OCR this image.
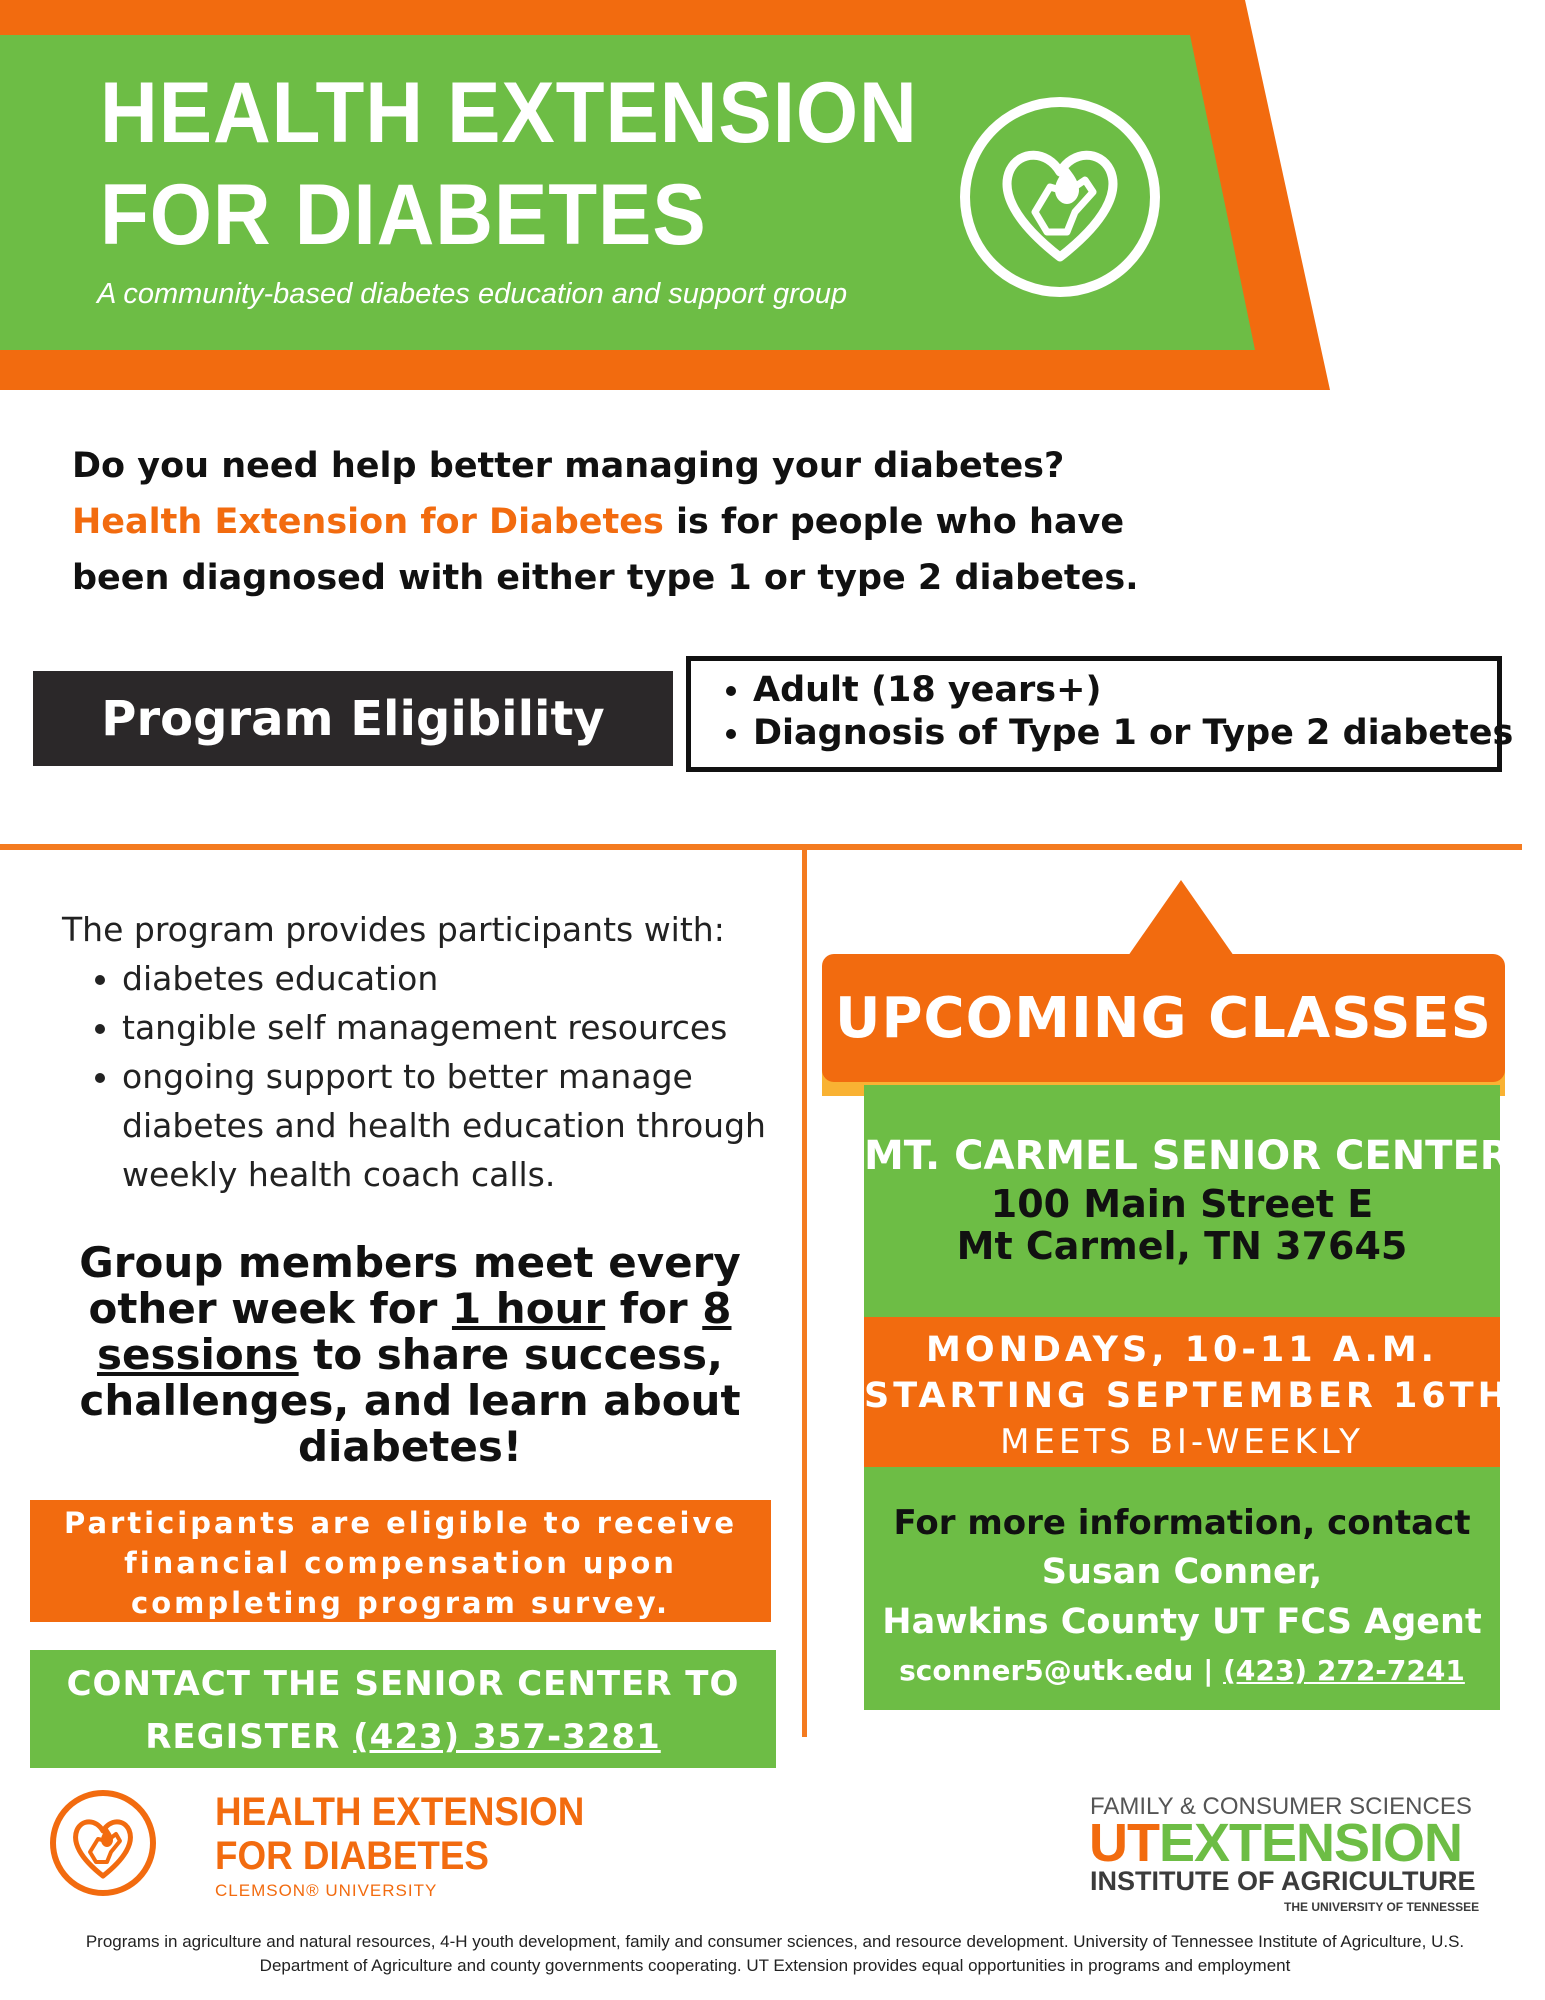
HEALTH EXTENSION
FOR DIABETES
A community-based diabetes education and support group
Do you need help better managing your diabetes?
Health Extension for Diabetes is for people who have
been diagnosed with either type 1 or type 2 diabetes.
Program Eligibility
• Adult (18 years+)
• Diagnosis of Type 1 or Type 2 diabetes
The program provides participants with:
• diabetes education
• tangible self management resources
• ongoing support to better manage diabetes and health education through weekly health coach calls.
Group members meet every other week for 1 hour for 8 sessions to share success, challenges, and learn about diabetes!
Participants are eligible to receive financial compensation upon completing program survey.
CONTACT THE SENIOR CENTER TO
REGISTER (423) 357-3281
UPCOMING CLASSES
MT. CARMEL SENIOR CENTER
100 Main Street E
Mt Carmel, TN 37645
MONDAYS, 10-11 A.M.
STARTING SEPTEMBER 16TH
MEETS BI-WEEKLY
For more information, contact
Susan Conner,
Hawkins County UT FCS Agent
sconner5@utk.edu | (423) 272-7241
HEALTH EXTENSION
FOR DIABETES
CLEMSON® UNIVERSITY
FAMILY & CONSUMER SCIENCES
UTEXTENSION
INSTITUTE OF AGRICULTURE
THE UNIVERSITY OF TENNESSEE
Programs in agriculture and natural resources, 4-H youth development, family and consumer sciences, and resource development. University of Tennessee Institute of Agriculture, U.S. Department of Agriculture and county governments cooperating. UT Extension provides equal opportunities in programs and employment
